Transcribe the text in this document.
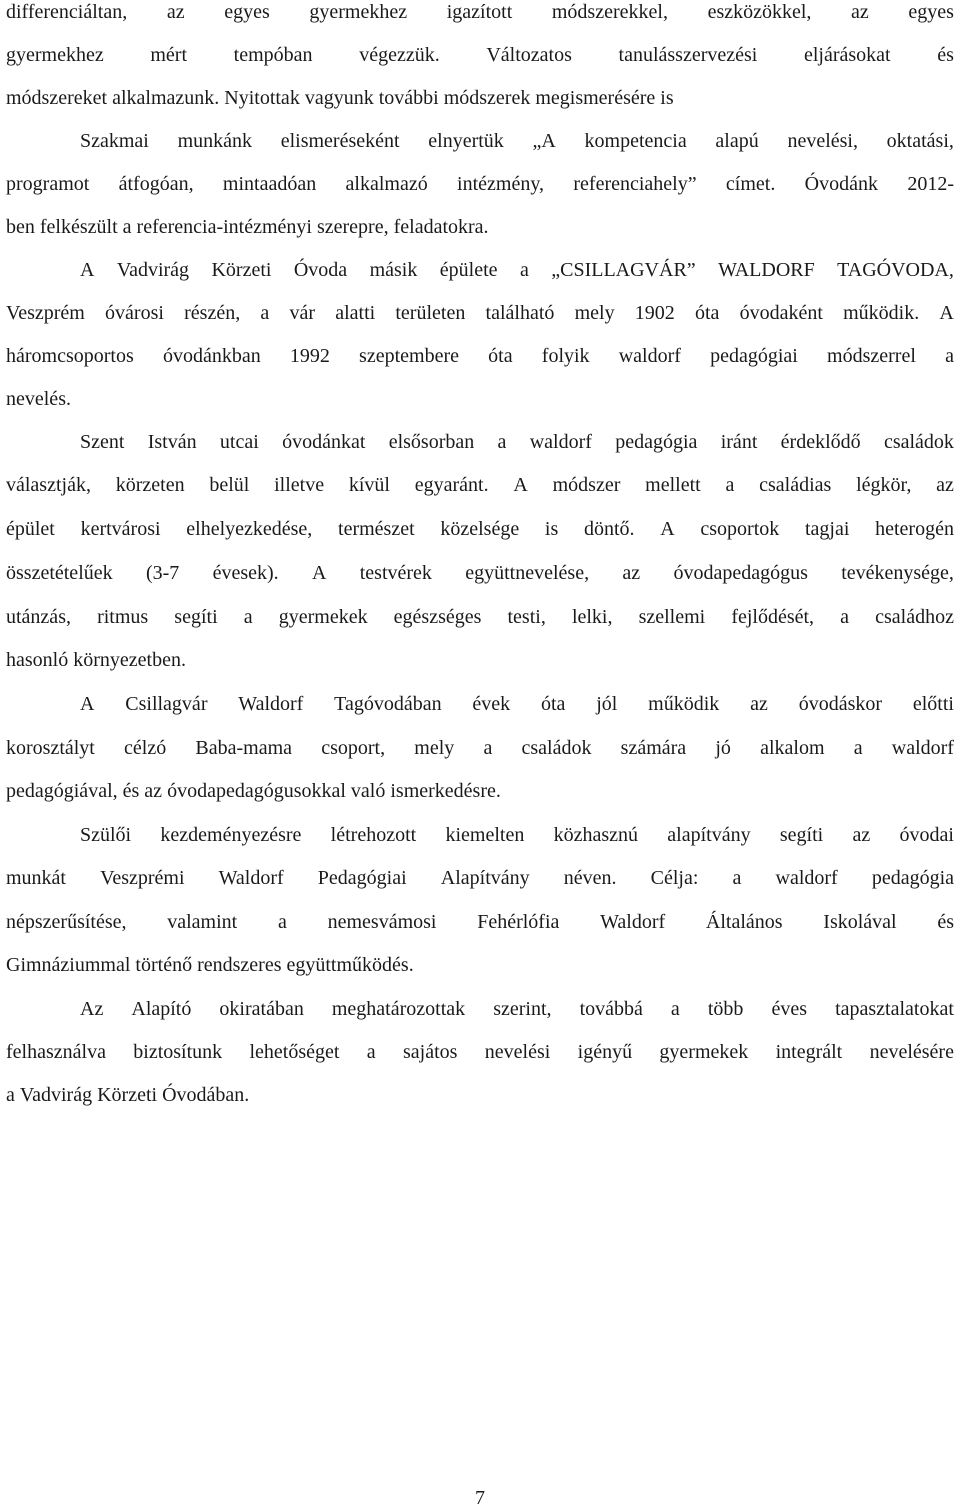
differenciáltan, az egyes gyermekhez igazított módszerekkel, eszközökkel, az egyes
gyermekhez mért tempóban végezzük. Változatos tanulásszervezési eljárásokat és
módszereket alkalmazunk. Nyitottak vagyunk további módszerek megismerésére is
Szakmai munkánk elismeréseként elnyertük „A kompetencia alapú nevelési, oktatási,
programot átfogóan, mintaadóan alkalmazó intézmény, referenciahely” címet. Óvodánk 2012-
ben felkészült a referencia-intézményi szerepre, feladatokra.
A Vadvirág Körzeti Óvoda másik épülete a „CSILLAGVÁR” WALDORF TAGÓVODA,
Veszprém óvárosi részén, a vár alatti területen található mely 1902 óta óvodaként működik. A
háromcsoportos óvodánkban 1992 szeptembere óta folyik waldorf pedagógiai módszerrel a
nevelés.
Szent István utcai óvodánkat elsősorban a waldorf pedagógia iránt érdeklődő családok
választják, körzeten belül illetve kívül egyaránt. A módszer mellett a családias légkör, az
épület kertvárosi elhelyezkedése, természet közelsége is döntő. A csoportok tagjai heterogén
összetételűek (3-7 évesek). A testvérek együttnevelése, az óvodapedagógus tevékenysége,
utánzás, ritmus segíti a gyermekek egészséges testi, lelki, szellemi fejlődését, a családhoz
hasonló környezetben.
A Csillagvár Waldorf Tagóvodában évek óta jól működik az óvodáskor előtti
korosztályt célzó Baba-mama csoport, mely a családok számára jó alkalom a waldorf
pedagógiával, és az óvodapedagógusokkal való ismerkedésre.
Szülői kezdeményezésre létrehozott kiemelten közhasznú alapítvány segíti az óvodai
munkát Veszprémi Waldorf Pedagógiai Alapítvány néven. Célja: a waldorf pedagógia
népszerűsítése, valamint a nemesvámosi Fehérlófia Waldorf Általános Iskolával és
Gimnáziummal történő rendszeres együttműködés.
Az Alapító okiratában meghatározottak szerint, továbbá a több éves tapasztalatokat
felhasználva biztosítunk lehetőséget a sajátos nevelési igényű gyermekek integrált nevelésére
a Vadvirág Körzeti Óvodában.
7
